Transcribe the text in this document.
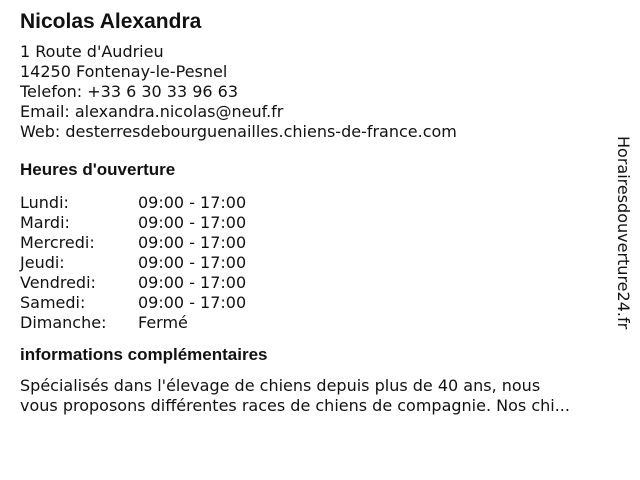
Nicolas Alexandra
1 Route d'Audrieu
14250 Fontenay-le-Pesnel
Telefon: +33 6 30 33 96 63
Email: alexandra.nicolas@neuf.fr
Web: desterresdebourguenailles.chiens-de-france.com
Heures d'ouverture
Lundi:	09:00 - 17:00
Mardi:	09:00 - 17:00
Mercredi:	09:00 - 17:00
Jeudi:	09:00 - 17:00
Vendredi:	09:00 - 17:00
Samedi:	09:00 - 17:00
Dimanche:	Fermé
informations complémentaires
Spécialisés dans l'élevage de chiens depuis plus de 40 ans, nous
vous proposons différentes races de chiens de compagnie. Nos chi...
Horairesdouverture24.fr
